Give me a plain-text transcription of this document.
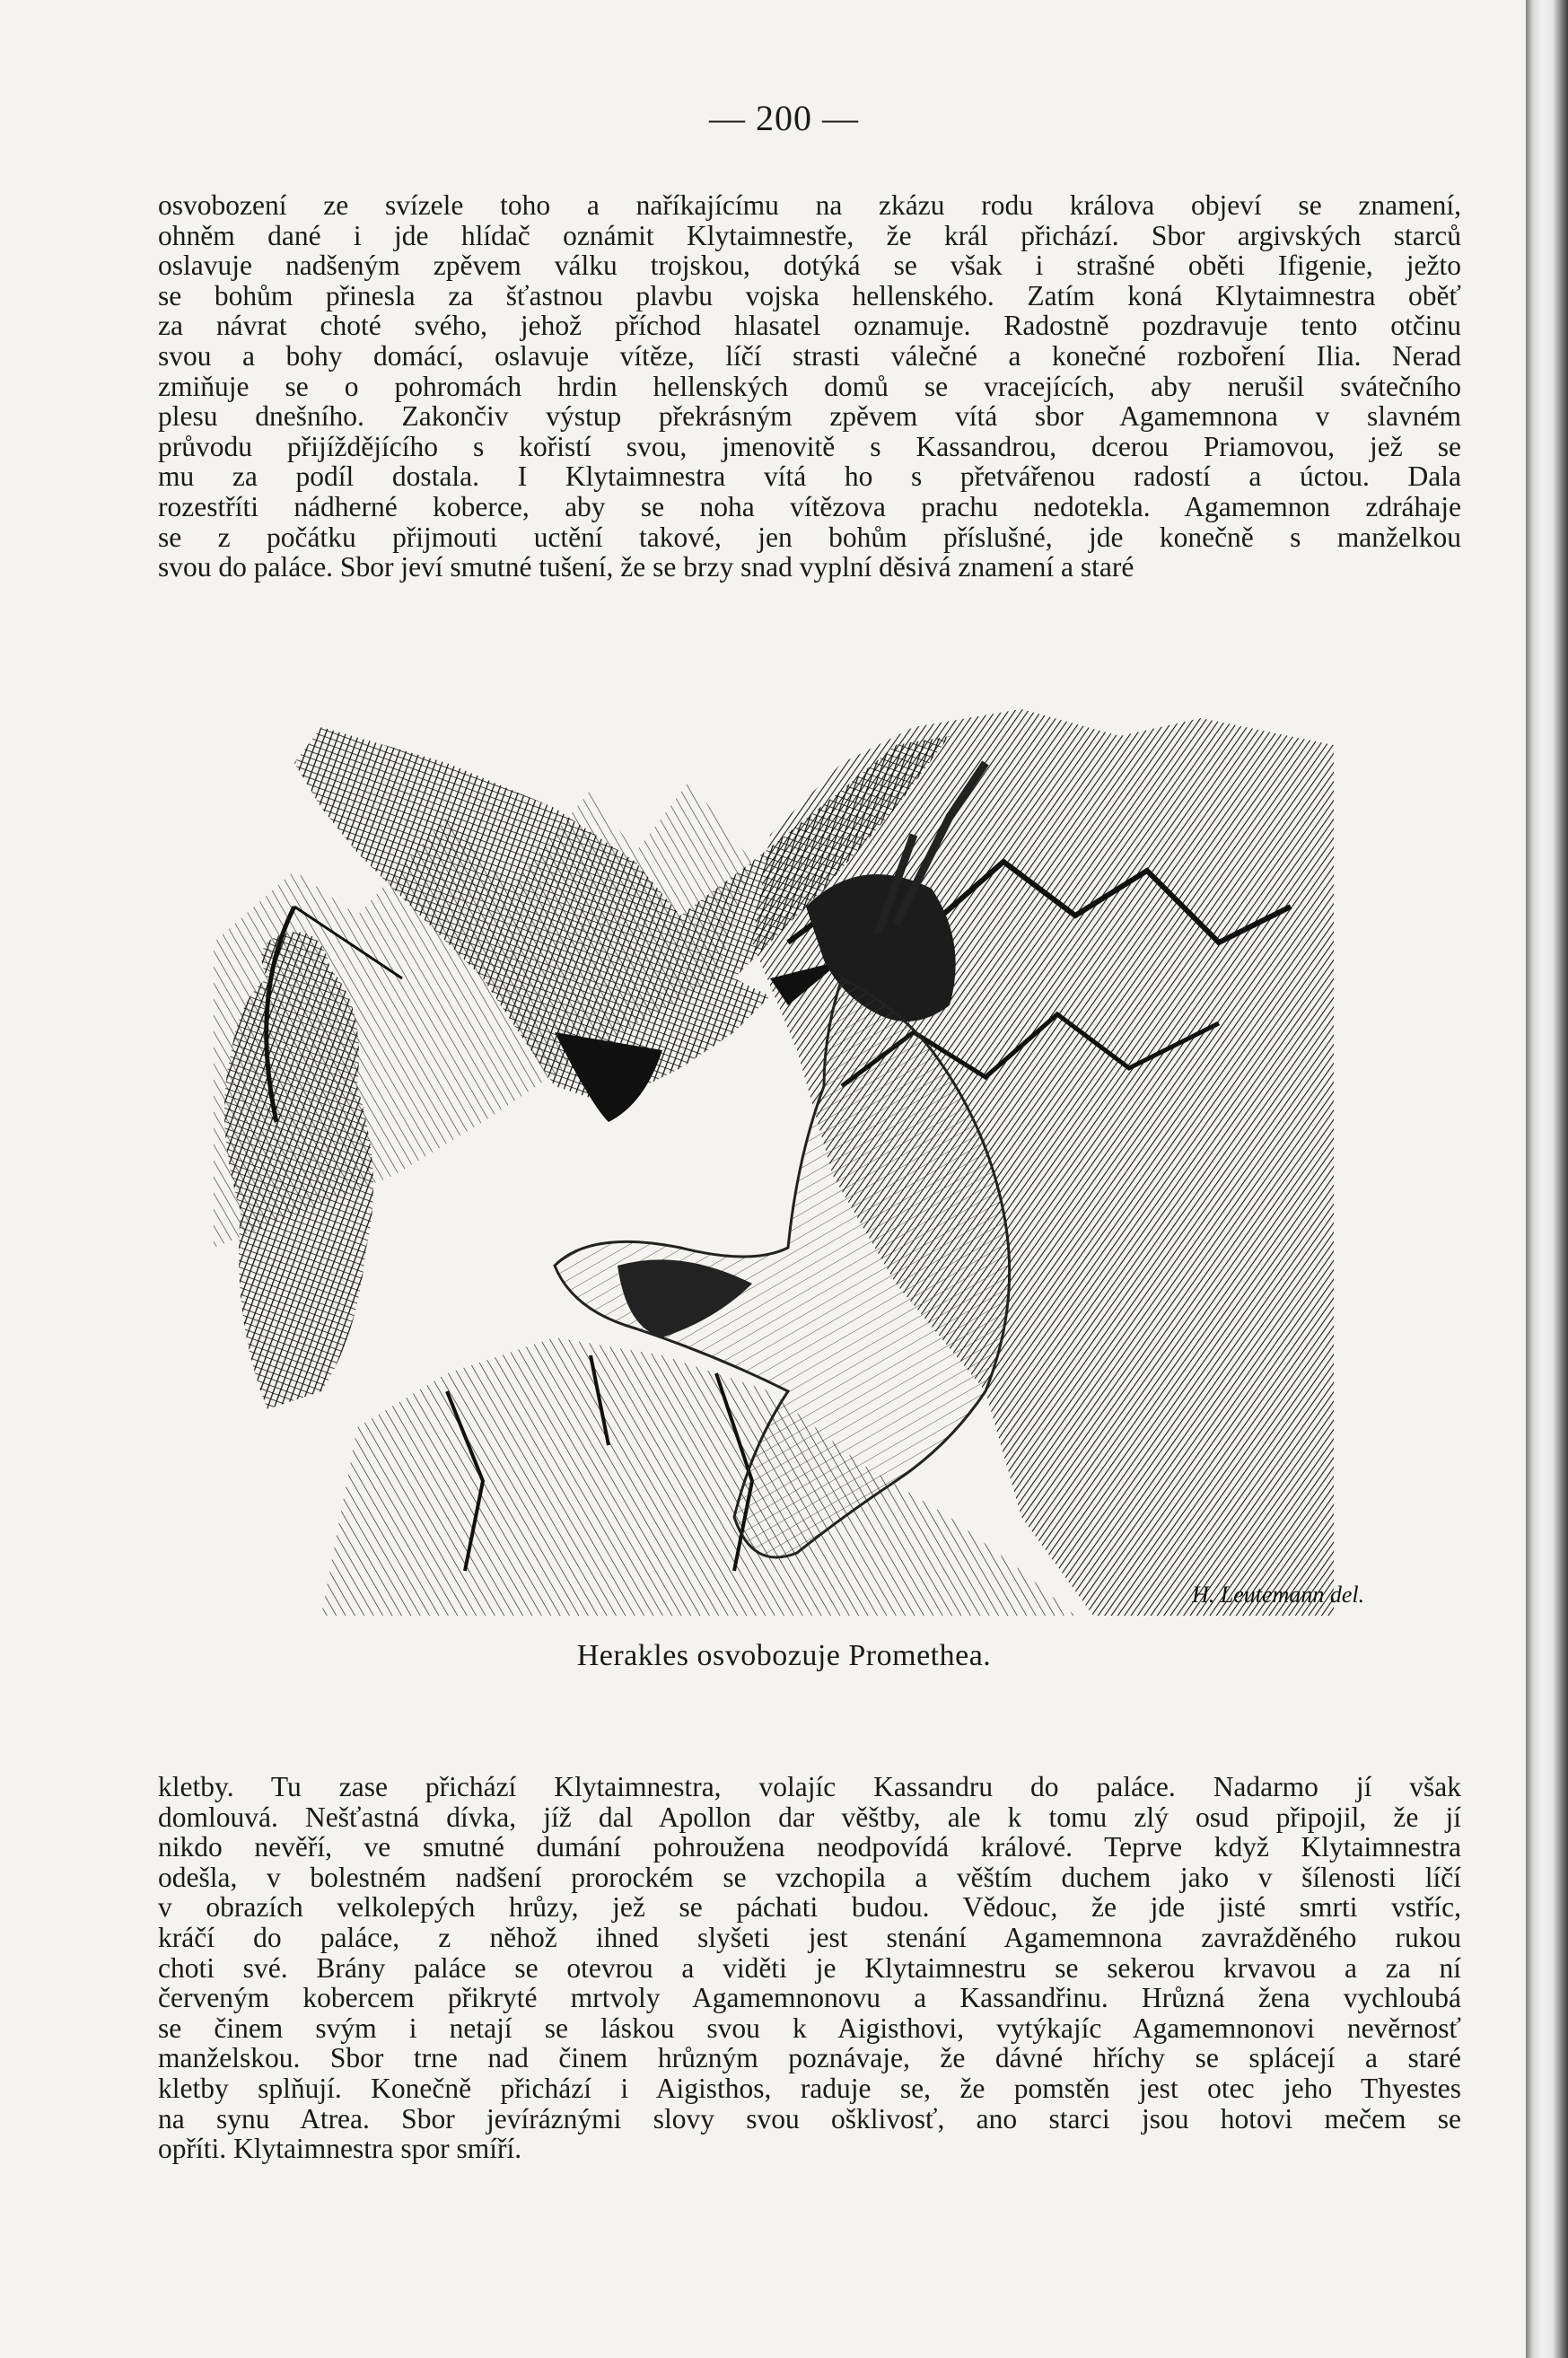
— 200 —
osvobození ze svízele toho a naříkajícímu na zkázu rodu králova objeví se znamení,
ohněm dané i jde hlídač oznámit Klytaimnestře, že král přichází. Sbor argivských starců
oslavuje nadšeným zpěvem válku trojskou, dotýká se však i strašné oběti Ifigenie, ježto
se bohům přinesla za šťastnou plavbu vojska hellenského. Zatím koná Klytaimnestra oběť
za návrat choté svého, jehož příchod hlasatel oznamuje. Radostně pozdravuje tento otčinu
svou a bohy domácí, oslavuje vítěze, líčí strasti válečné a konečné rozboření Ilia. Nerad
zmiňuje se o pohromách hrdin hellenských domů se vracejících, aby nerušil svátečního
plesu dnešního. Zakončiv výstup překrásným zpěvem vítá sbor Agamemnona v slavném
průvodu přijíždějícího s kořistí svou, jmenovitě s Kassandrou, dcerou Priamovou, jež se
mu za podíl dostala. I Klytaimnestra vítá ho s přetvářenou radostí a úctou. Dala
rozestříti nádherné koberce, aby se noha vítězova prachu nedotekla. Agamemnon zdráhaje
se z počátku přijmouti uctění takové, jen bohům příslušné, jde konečně s manželkou
svou do paláce. Sbor jeví smutné tušení, že se brzy snad vyplní děsivá znamení a staré
H. Leutemann del.
Herakles osvobozuje Promethea.
kletby. Tu zase přichází Klytaimnestra, volajíc Kassandru do paláce. Nadarmo jí však
domlouvá. Nešťastná dívka, jíž dal Apollon dar věštby, ale k tomu zlý osud připojil, že jí
nikdo nevěří, ve smutné dumání pohroužena neodpovídá králové. Teprve když Klytaimnestra
odešla, v bolestném nadšení prorockém se vzchopila a věštím duchem jako v šílenosti líčí
v obrazích velkolepých hrůzy, jež se páchati budou. Vědouc, že jde jisté smrti vstříc,
kráčí do paláce, z něhož ihned slyšeti jest stenání Agamemnona zavražděného rukou
choti své. Brány paláce se otevrou a viděti je Klytaimnestru se sekerou krvavou a za ní
červeným kobercem přikryté mrtvoly Agamemnonovu a Kassandřinu. Hrůzná žena vychloubá
se činem svým i netají se láskou svou k Aigisthovi, vytýkajíc Agamemnonovi nevěrnosť
manželskou. Sbor trne nad činem hrůzným poznávaje, že dávné hříchy se splácejí a staré
kletby splňují. Konečně přichází i Aigisthos, raduje se, že pomstěn jest otec jeho Thyestes
na synu Atrea. Sbor jevíráznými slovy svou ošklivosť, ano starci jsou hotovi mečem se
opříti. Klytaimnestra spor smíří.
